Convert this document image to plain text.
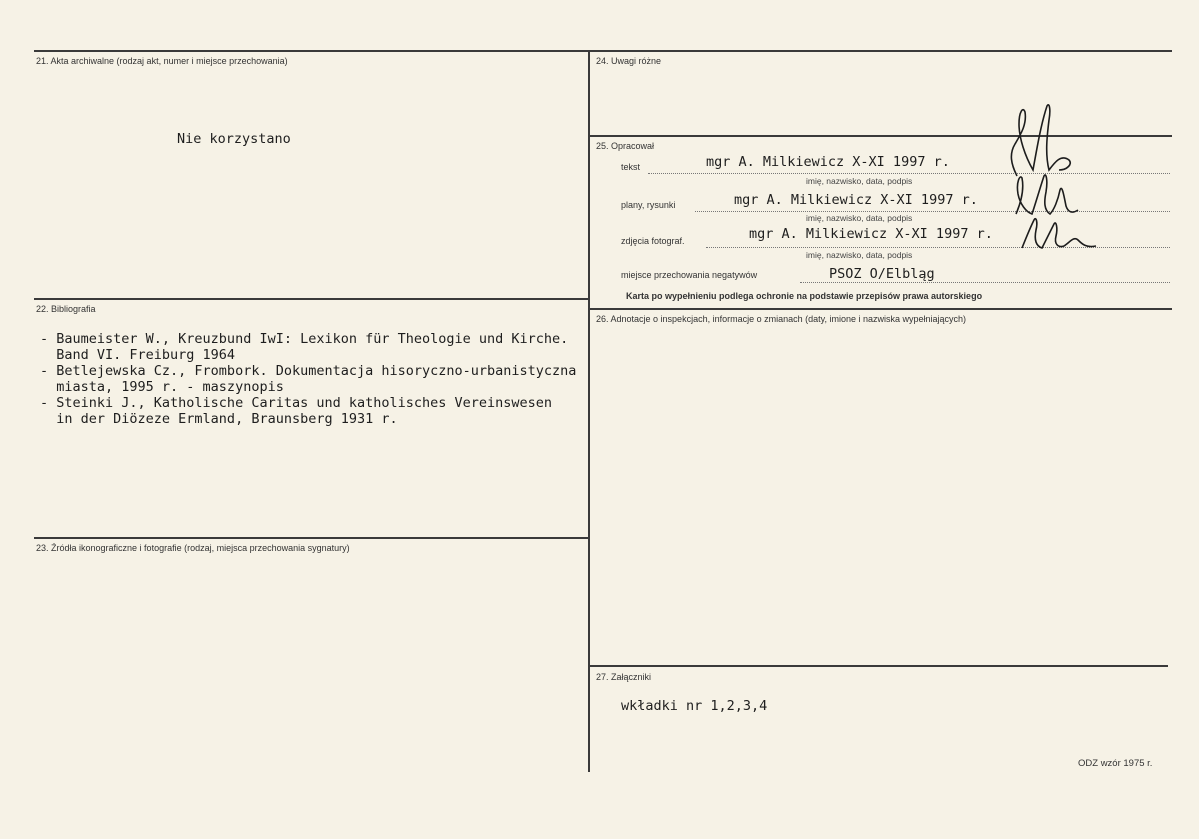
21. Akta archiwalne (rodzaj akt, numer i miejsce przechowania)
Nie korzystano
22. Bibliografia
- Baumeister W., Kreuzbund IwI: Lexikon für Theologie und Kirche.
Band VI. Freiburg 1964
- Betlejewska Cz., Frombork. Dokumentacja hisoryczno-urbanistyczna
miasta, 1995 r. - maszynopis
- Steinki J., Katholische Caritas und katholisches Vereinswesen
in der Diözeze Ermland, Braunsberg 1931 r.
23. Źródła ikonograficzne i fotografie (rodzaj, miejsca przechowania sygnatury)
24. Uwagi różne
25. Opracował
tekst	mgr A. Milkiewicz X-XI 1997 r.
imię, nazwisko, data, podpis
plany, rysunki	mgr A. Milkiewicz X-XI 1997 r.
imię, nazwisko, data, podpis
zdjęcia fotograf.	mgr A. Milkiewicz X-XI 1997 r.
imię, nazwisko, data, podpis
miejsce przechowania negatywów	PSOZ O/Elbląg
Karta po wypełnieniu podlega ochronie na podstawie przepisów prawa autorskiego
26. Adnotacje o inspekcjach, informacje o zmianach (daty, imione i nazwiska wypełniających)
27. Załączniki
wkładki nr 1,2,3,4
ODZ wzór 1975 r.
